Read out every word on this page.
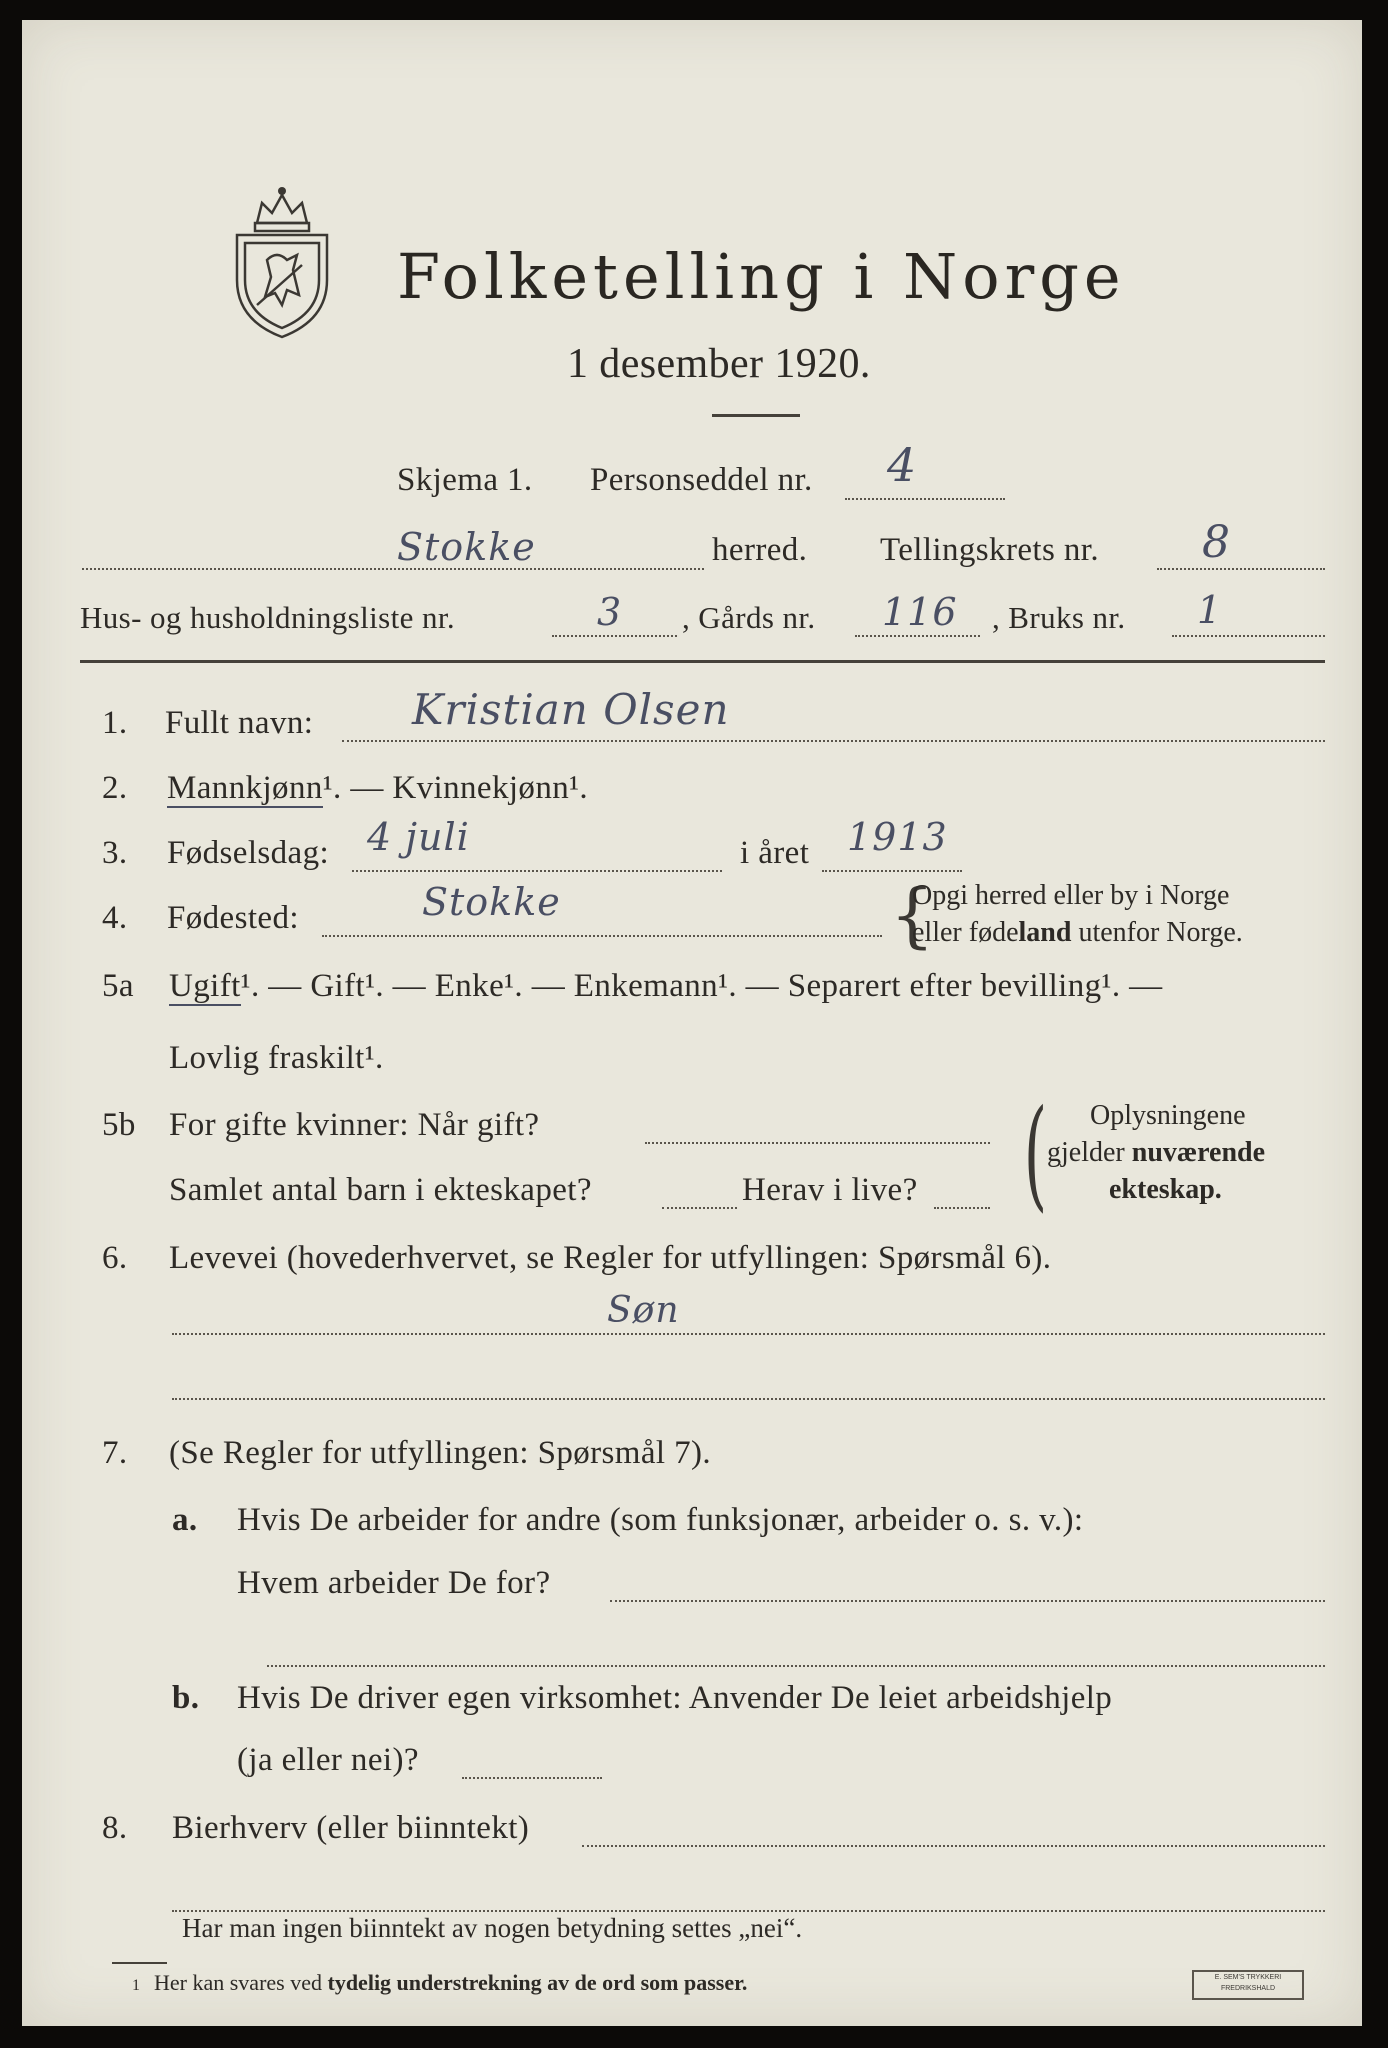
Folketelling i Norge
1 desember 1920.
Skjema 1. Personseddel nr. 4
Stokke	herred. Tellingskrets nr. 8
Hus- og husholdningsliste nr.	3 , Gårds nr. 116 , Bruks nr. 1
1. Fullt navn: Kristian Olsen
2. Mannkjønn¹. — Kvinnekjønn¹.
3. Fødselsdag: 4 juli	i året 1913
4. Fødested:	Stokke	{
Opgi herred eller by i Norge
eller fødeland utenfor Norge.
5a Ugift¹. — Gift¹. — Enke¹. — Enkemann¹. — Separert efter bevilling¹. —
Lovlig fraskilt¹.
5b For gifte kvinner: Når gift?
Samlet antal barn i ekteskapet?	Herav i live? ( Oplysningene
gjelder nuværende
ekteskap.
6. Levevei (hovederhvervet, se Regler for utfyllingen: Spørsmål 6).
Søn
7. (Se Regler for utfyllingen: Spørsmål 7).
a. Hvis De arbeider for andre (som funksjonær, arbeider o. s. v.):
Hvem arbeider De for?
b. Hvis De driver egen virksomhet: Anvender De leiet arbeidshjelp
(ja eller nei)?
8. Bierhverv (eller biinntekt)
Har man ingen biinntekt av nogen betydning settes „nei“.
1 Her kan svares ved tydelig understrekning av de ord som passer.	E. SEM'S TRYKKERI
FREDRIKSHALD
